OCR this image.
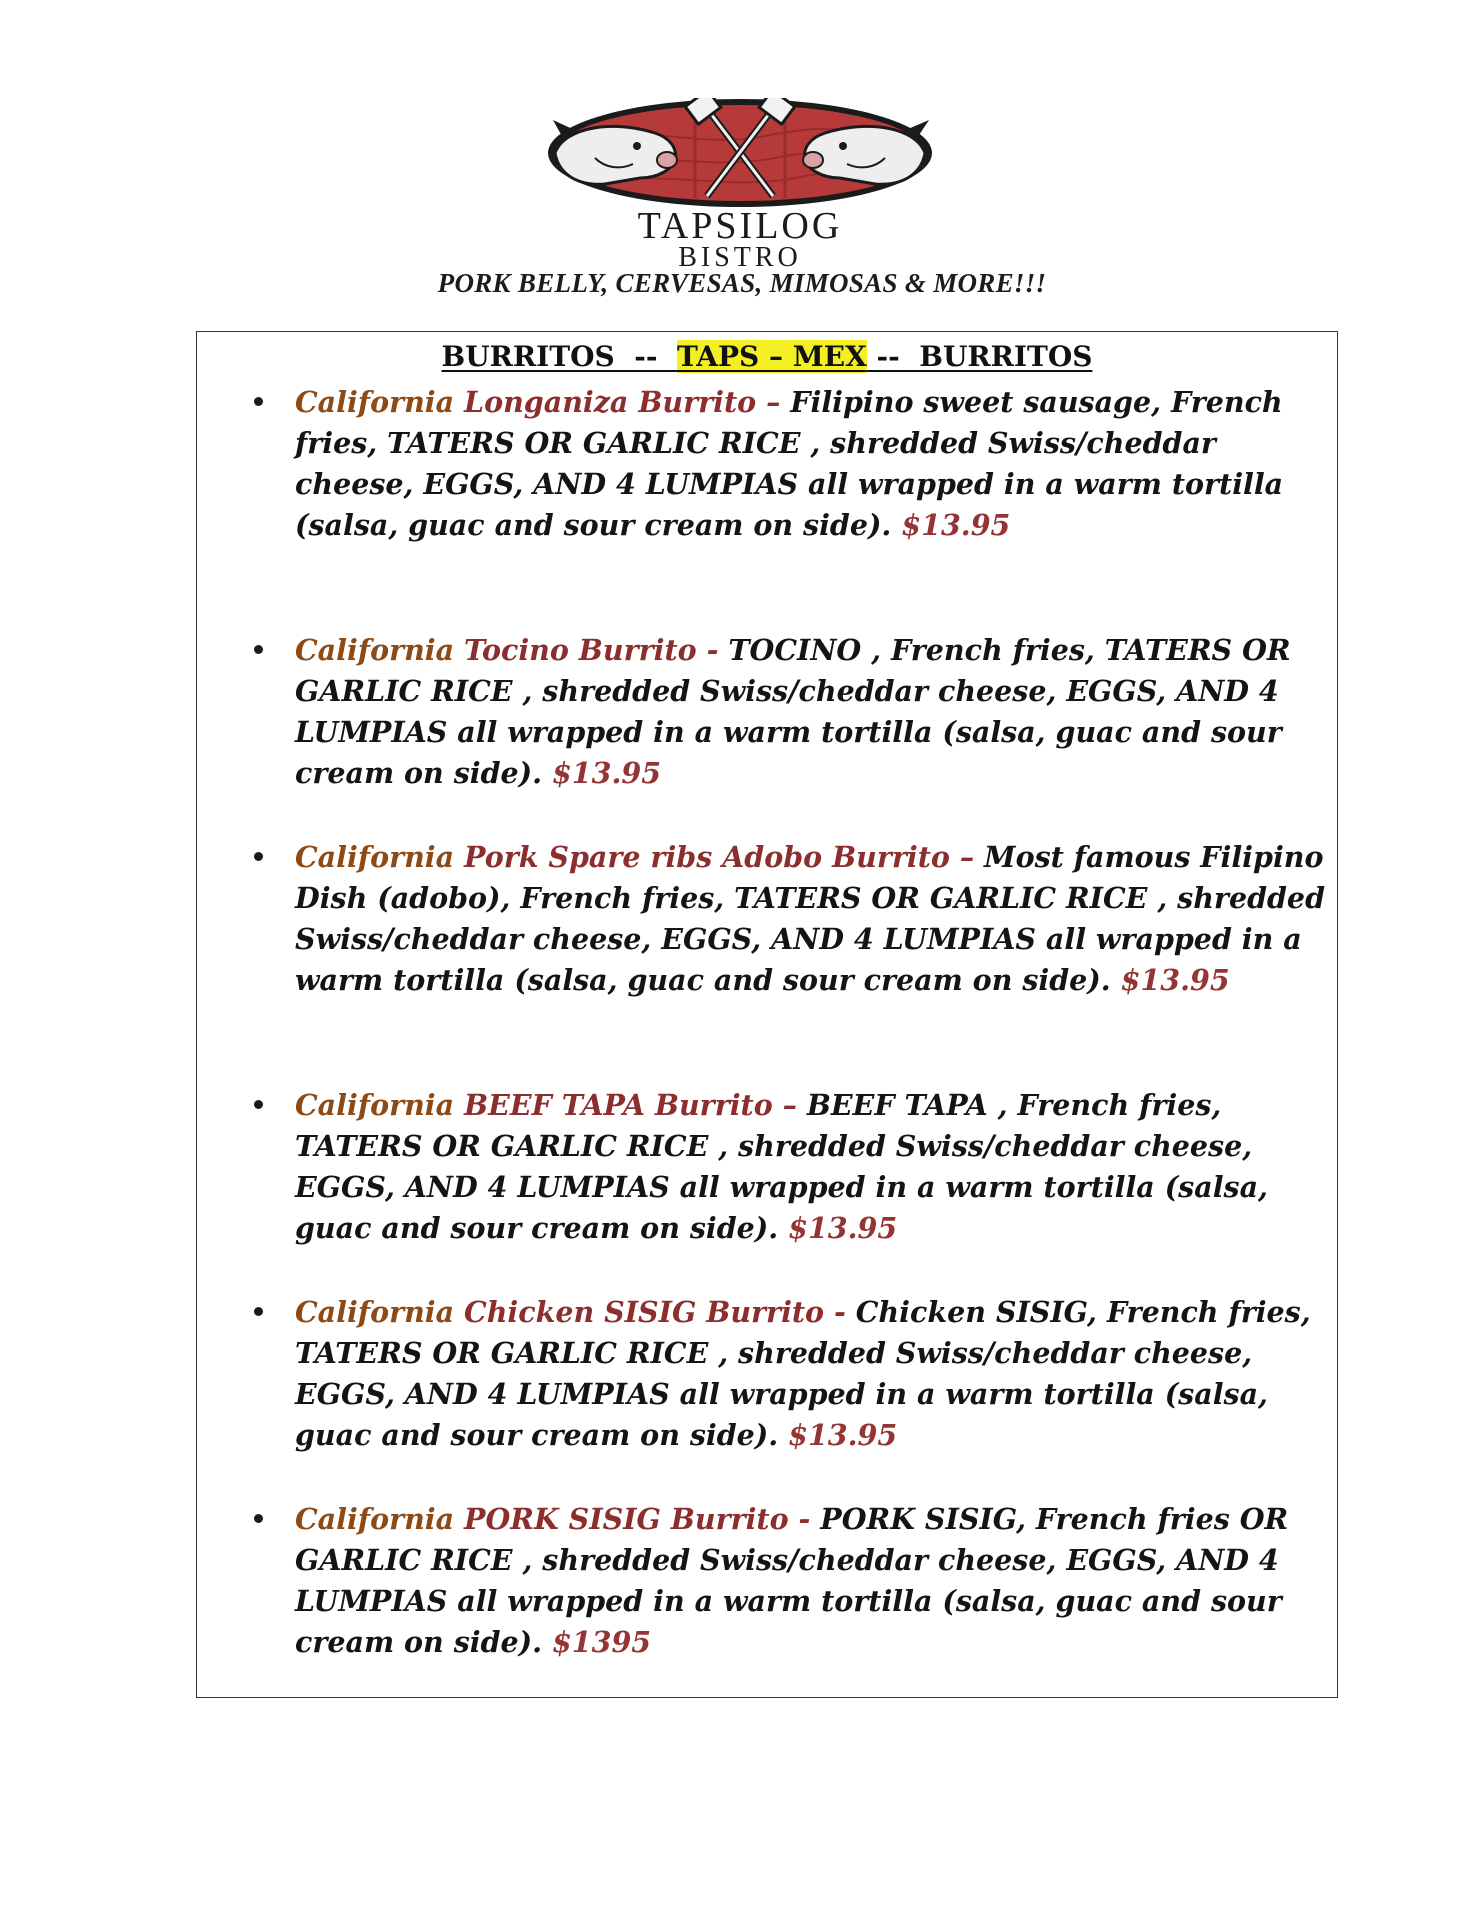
TAPSILOG
BISTRO
PORK BELLY, CERVESAS, MIMOSAS & MORE!!!
BURRITOS  --  TAPS – MEX --  BURRITOS
California Longaniza Burrito – Filipino sweet sausage, French fries, TATERS OR GARLIC RICE , shredded Swiss/cheddar cheese, EGGS, AND 4 LUMPIAS all wrapped in a warm tortilla (salsa, guac and sour cream on side). $13.95
California Tocino Burrito - TOCINO , French fries, TATERS OR GARLIC RICE , shredded Swiss/cheddar cheese, EGGS, AND 4 LUMPIAS all wrapped in a warm tortilla (salsa, guac and sour cream on side). $13.95
California Pork Spare ribs Adobo Burrito – Most famous Filipino Dish (adobo), French fries, TATERS OR GARLIC RICE , shredded Swiss/cheddar cheese, EGGS, AND 4 LUMPIAS all wrapped in a warm tortilla (salsa, guac and sour cream on side). $13.95
California BEEF TAPA Burrito – BEEF TAPA , French fries, TATERS OR GARLIC RICE , shredded Swiss/cheddar cheese, EGGS, AND 4 LUMPIAS all wrapped in a warm tortilla (salsa, guac and sour cream on side). $13.95
California Chicken SISIG Burrito - Chicken SISIG, French fries, TATERS OR GARLIC RICE , shredded Swiss/cheddar cheese, EGGS, AND 4 LUMPIAS all wrapped in a warm tortilla (salsa, guac and sour cream on side). $13.95
California PORK SISIG Burrito - PORK SISIG, French fries OR GARLIC RICE , shredded Swiss/cheddar cheese, EGGS, AND 4 LUMPIAS all wrapped in a warm tortilla (salsa, guac and sour cream on side). $1395
